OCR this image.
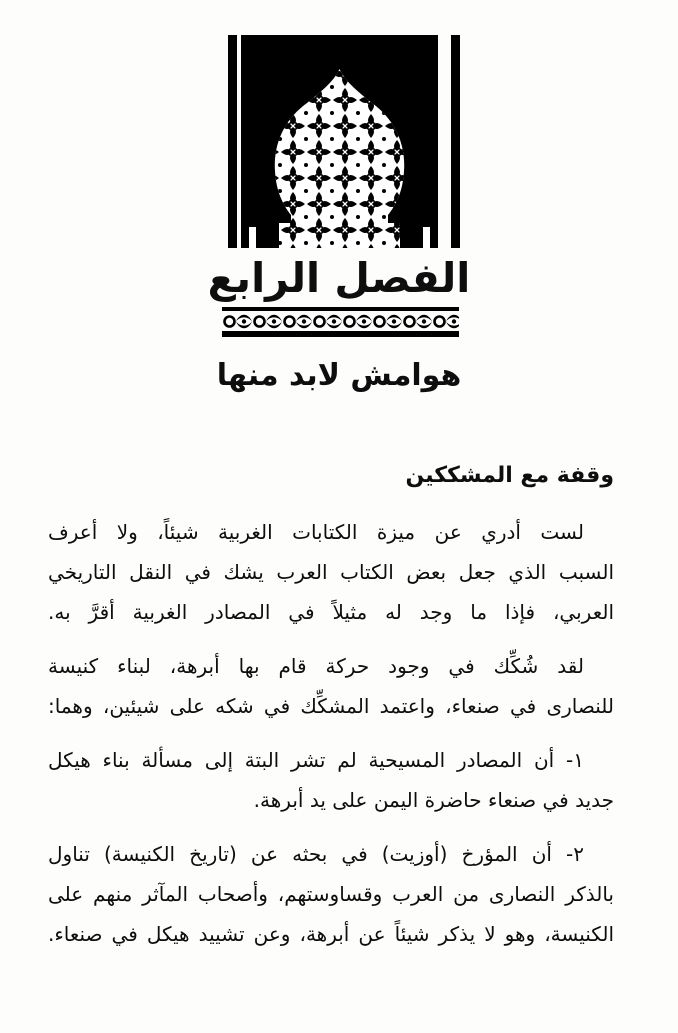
الفصل الرابع
هوامش لابد منها
وقفة مع المشككين
لست أدري عن ميزة الكتابات الغربية شيئاً، ولا أعرف
السبب الذي جعل بعض الكتاب العرب يشك في النقل التاريخي
العربي، فإذا ما وجد له مثيلاً في المصادر الغربية أقرَّ به.
لقد شُكِّك في وجود حركة قام بها أبرهة، لبناء كنيسة
للنصارى في صنعاء، واعتمد المشكِّك في شكه على شيئين، وهما:
١- أن المصادر المسيحية لم تشر البتة إلى مسألة بناء هيكل
جديد في صنعاء حاضرة اليمن على يد أبرهة.
٢- أن المؤرخ (أوزيت) في بحثه عن (تاريخ الكنيسة) تناول
بالذكر النصارى من العرب وقساوستهم، وأصحاب المآثر منهم على
الكنيسة، وهو لا يذكر شيئاً عن أبرهة، وعن تشييد هيكل في صنعاء.
